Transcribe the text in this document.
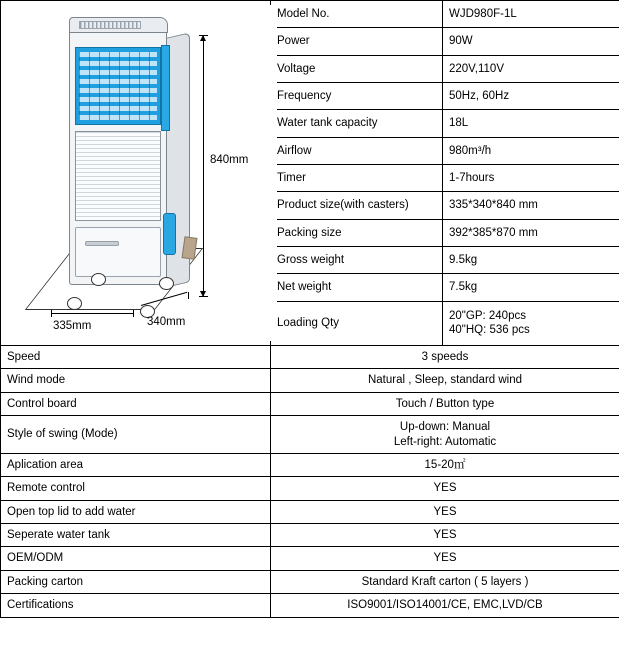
840mm
335mm 340mm	Model No.	WJD980F-1L
	Power	90W
	Voltage	220V,110V
	Frequency	50Hz, 60Hz
	Water tank capacity	18L
	Airflow	980m³/h
	Timer	1-7hours
	Product size(with casters)	335*340*840 mm
	Packing size	392*385*870 mm
	Gross weight	9.5kg
	Net weight	7.5kg
	Loading Qty	20"GP: 240pcs
40"HQ: 536 pcs

Speed	3 speeds	
Wind mode	Natural , Sleep, standard wind	
Control board	Touch / Button type	
Style of swing (Mode)	Up-down: Manual
Left-right: Automatic	

Aplication area	15-20㎡	
Remote control	YES	
Open top lid to add water	YES	
Seperate water tank	YES	
OEM/ODM	YES	
Packing carton	Standard Kraft carton ( 5 layers )	
Certifications	ISO9001/ISO14001/CE, EMC,LVD/CB	
